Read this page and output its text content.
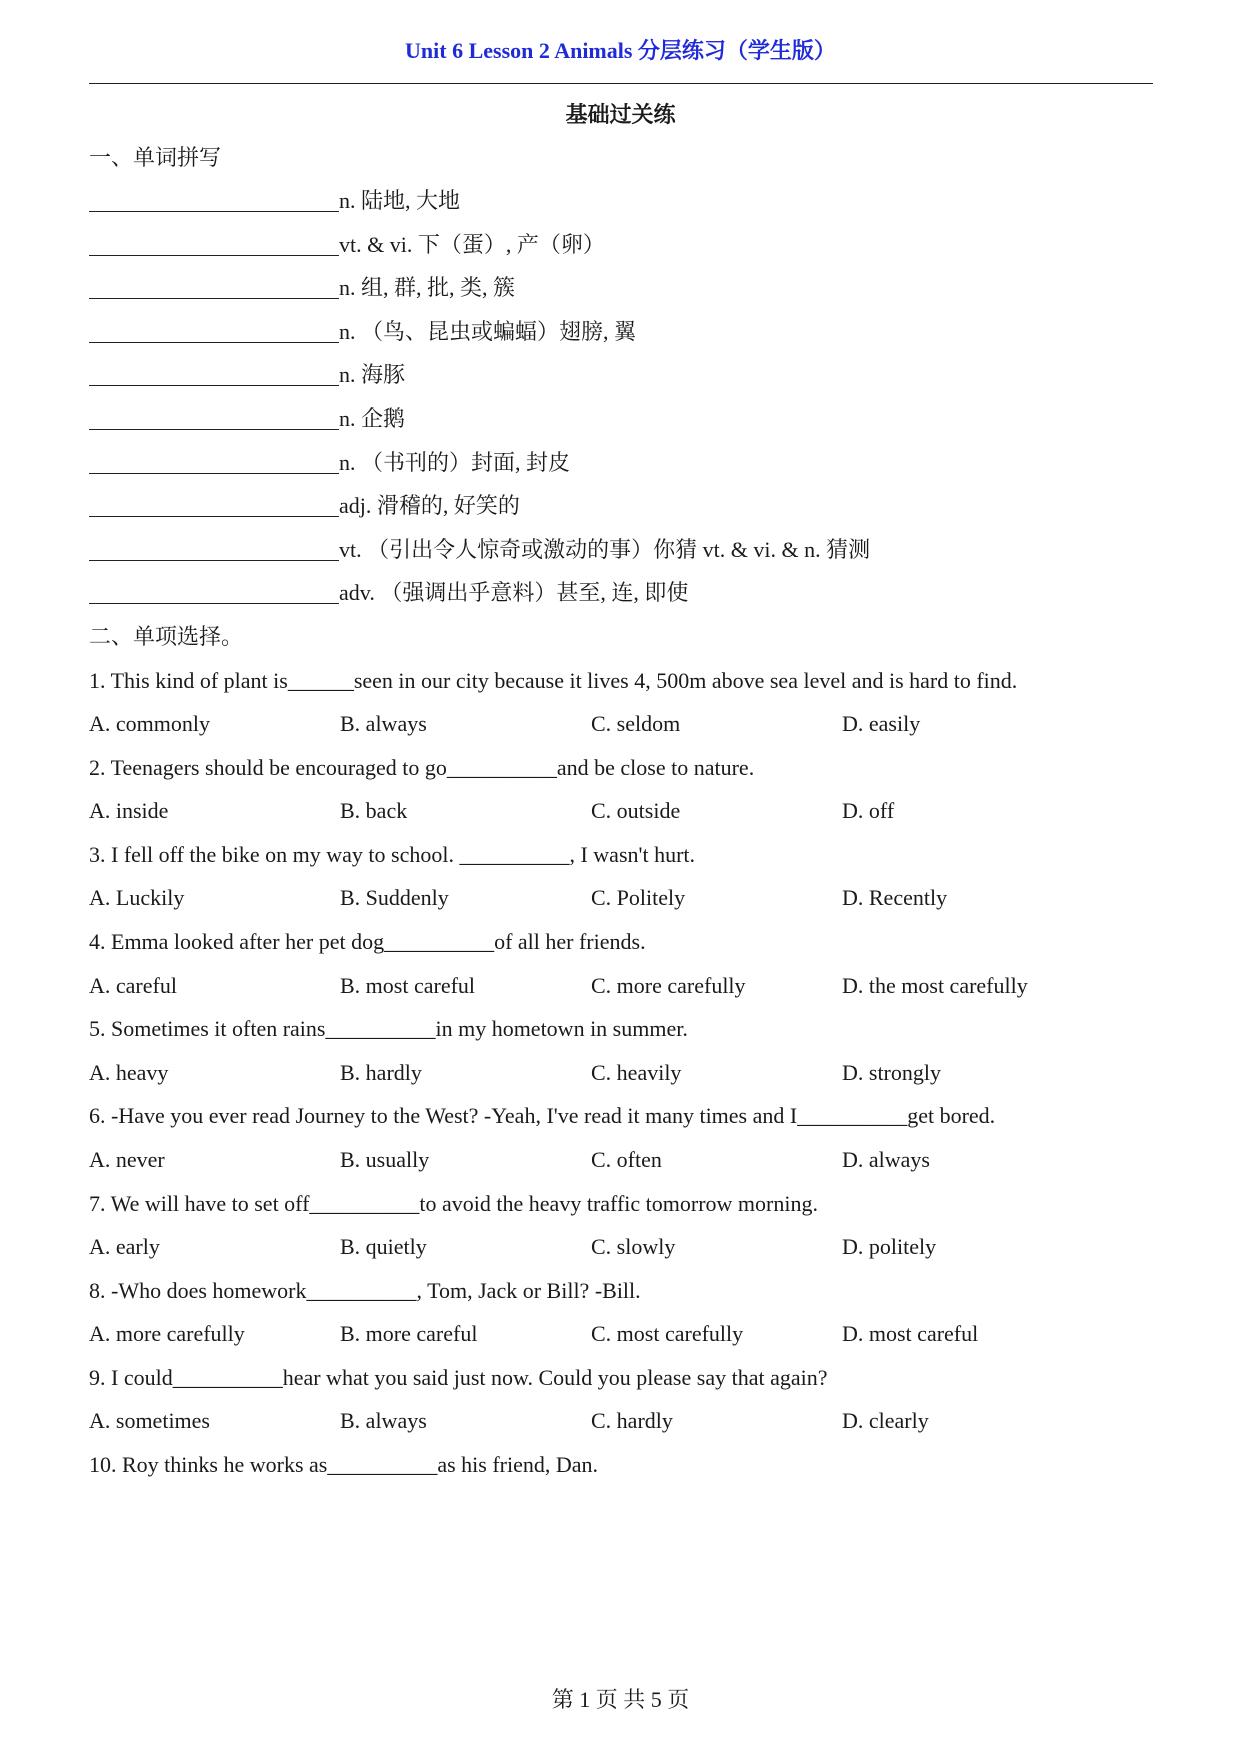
Unit 6 Lesson 2 Animals 分层练习（学生版）
基础过关练
一、单词拼写
n. 陆地, 大地
vt. & vi. 下（蛋）, 产（卵）
n. 组, 群, 批, 类, 簇
n. （鸟、昆虫或蝙蝠）翅膀, 翼
n. 海豚
n. 企鹅
n. （书刊的）封面, 封皮
adj. 滑稽的, 好笑的
vt. （引出令人惊奇或激动的事）你猜 vt. & vi. & n. 猜测
adv. （强调出乎意料）甚至, 连, 即使
二、单项选择。
1. This kind of plant is______seen in our city because it lives 4, 500m above sea level and is hard to find.
A. commonly	B. always	C. seldom	D. easily
2. Teenagers should be encouraged to go__________and be close to nature.
A. inside	B. back	C. outside	D. off
3. I fell off the bike on my way to school. __________, I wasn't hurt.
A. Luckily	B. Suddenly	C. Politely	D. Recently
4. Emma looked after her pet dog__________of all her friends.
A. careful	B. most careful	C. more carefully	D. the most carefully
5. Sometimes it often rains__________in my hometown in summer.
A. heavy	B. hardly	C. heavily	D. strongly
6. -Have you ever read Journey to the West? -Yeah, I've read it many times and I__________get bored.
A. never	B. usually	C. often	D. always
7. We will have to set off__________to avoid the heavy traffic tomorrow morning.
A. early	B. quietly	C. slowly	D. politely
8. -Who does homework__________, Tom, Jack or Bill? -Bill.
A. more carefully	B. more careful	C. most carefully	D. most careful
9. I could__________hear what you said just now. Could you please say that again?
A. sometimes	B. always	C. hardly	D. clearly
10. Roy thinks he works as__________as his friend, Dan.
第 1 页 共 5 页
